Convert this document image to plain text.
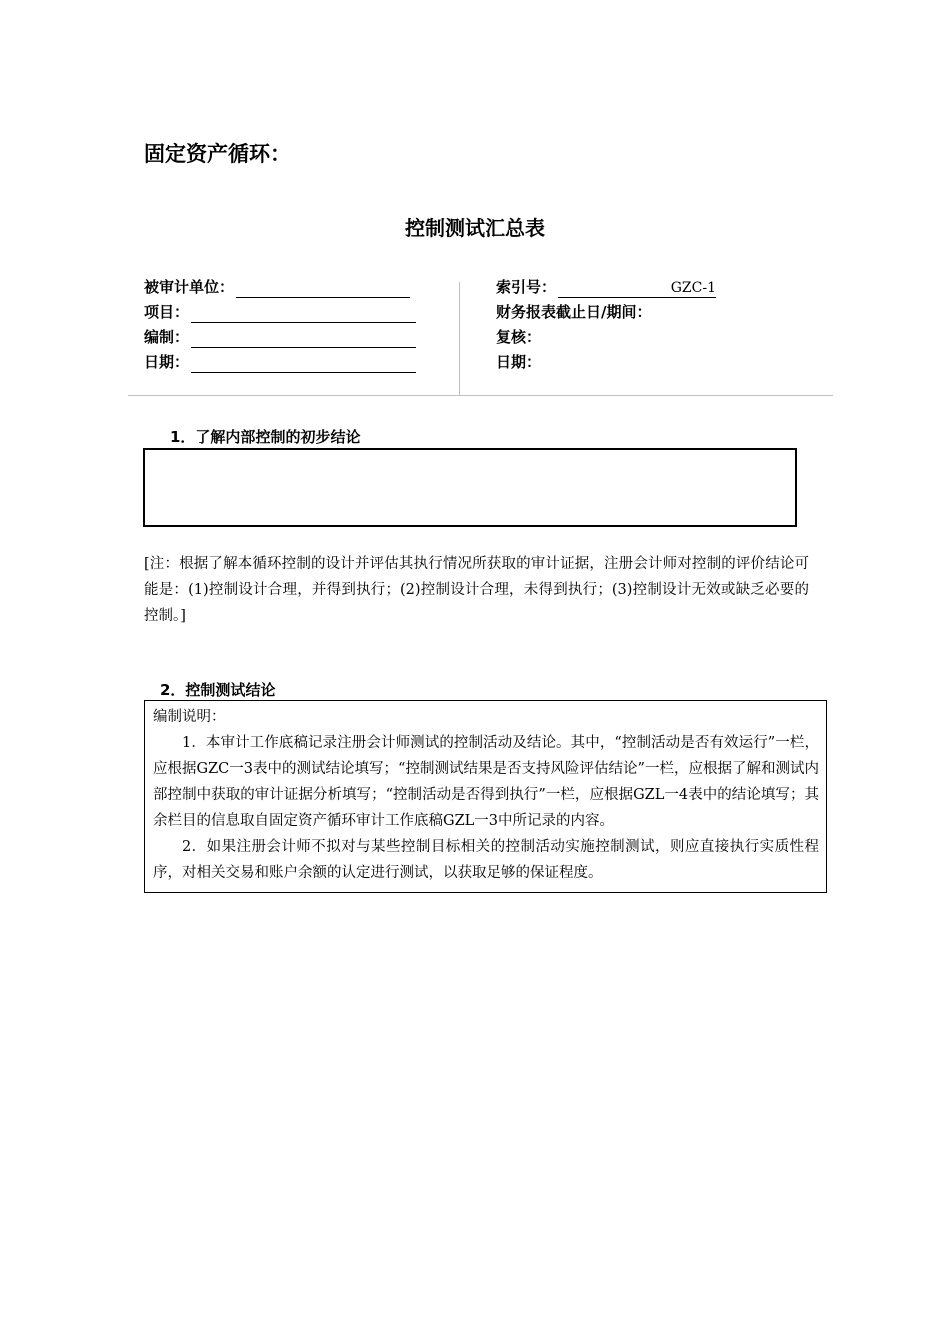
固定资产循环：
控制测试汇总表
被审计单位：
项目：
编制：
日期：
索引号：	GZC-1
财务报表截止日/期间：
复核：
日期：
1．了解内部控制的初步结论
[注：根据了解本循环控制的设计并评估其执行情况所获取的审计证据，注册会计师对控制的评价结论可能是：(1)控制设计合理，并得到执行；(2)控制设计合理，未得到执行；(3)控制设计无效或缺乏必要的控制。]
2．控制测试结论

编制说明：

1．本审计工作底稿记录注册会计师测试的控制活动及结论。其中，“控制活动是否有效运行”一栏，应根据GZC一3表中的测试结论填写；“控制测试结果是否支持风险评估结论”一栏，应根据了解和测试内部控制中获取的审计证据分析填写；“控制活动是否得到执行”一栏，应根据GZL一4表中的结论填写；其余栏目的信息取自固定资产循环审计工作底稿GZL一3中所记录的内容。

2．如果注册会计师不拟对与某些控制目标相关的控制活动实施控制测试，则应直接执行实质性程序，对相关交易和账户余额的认定进行测试，以获取足够的保证程度。
